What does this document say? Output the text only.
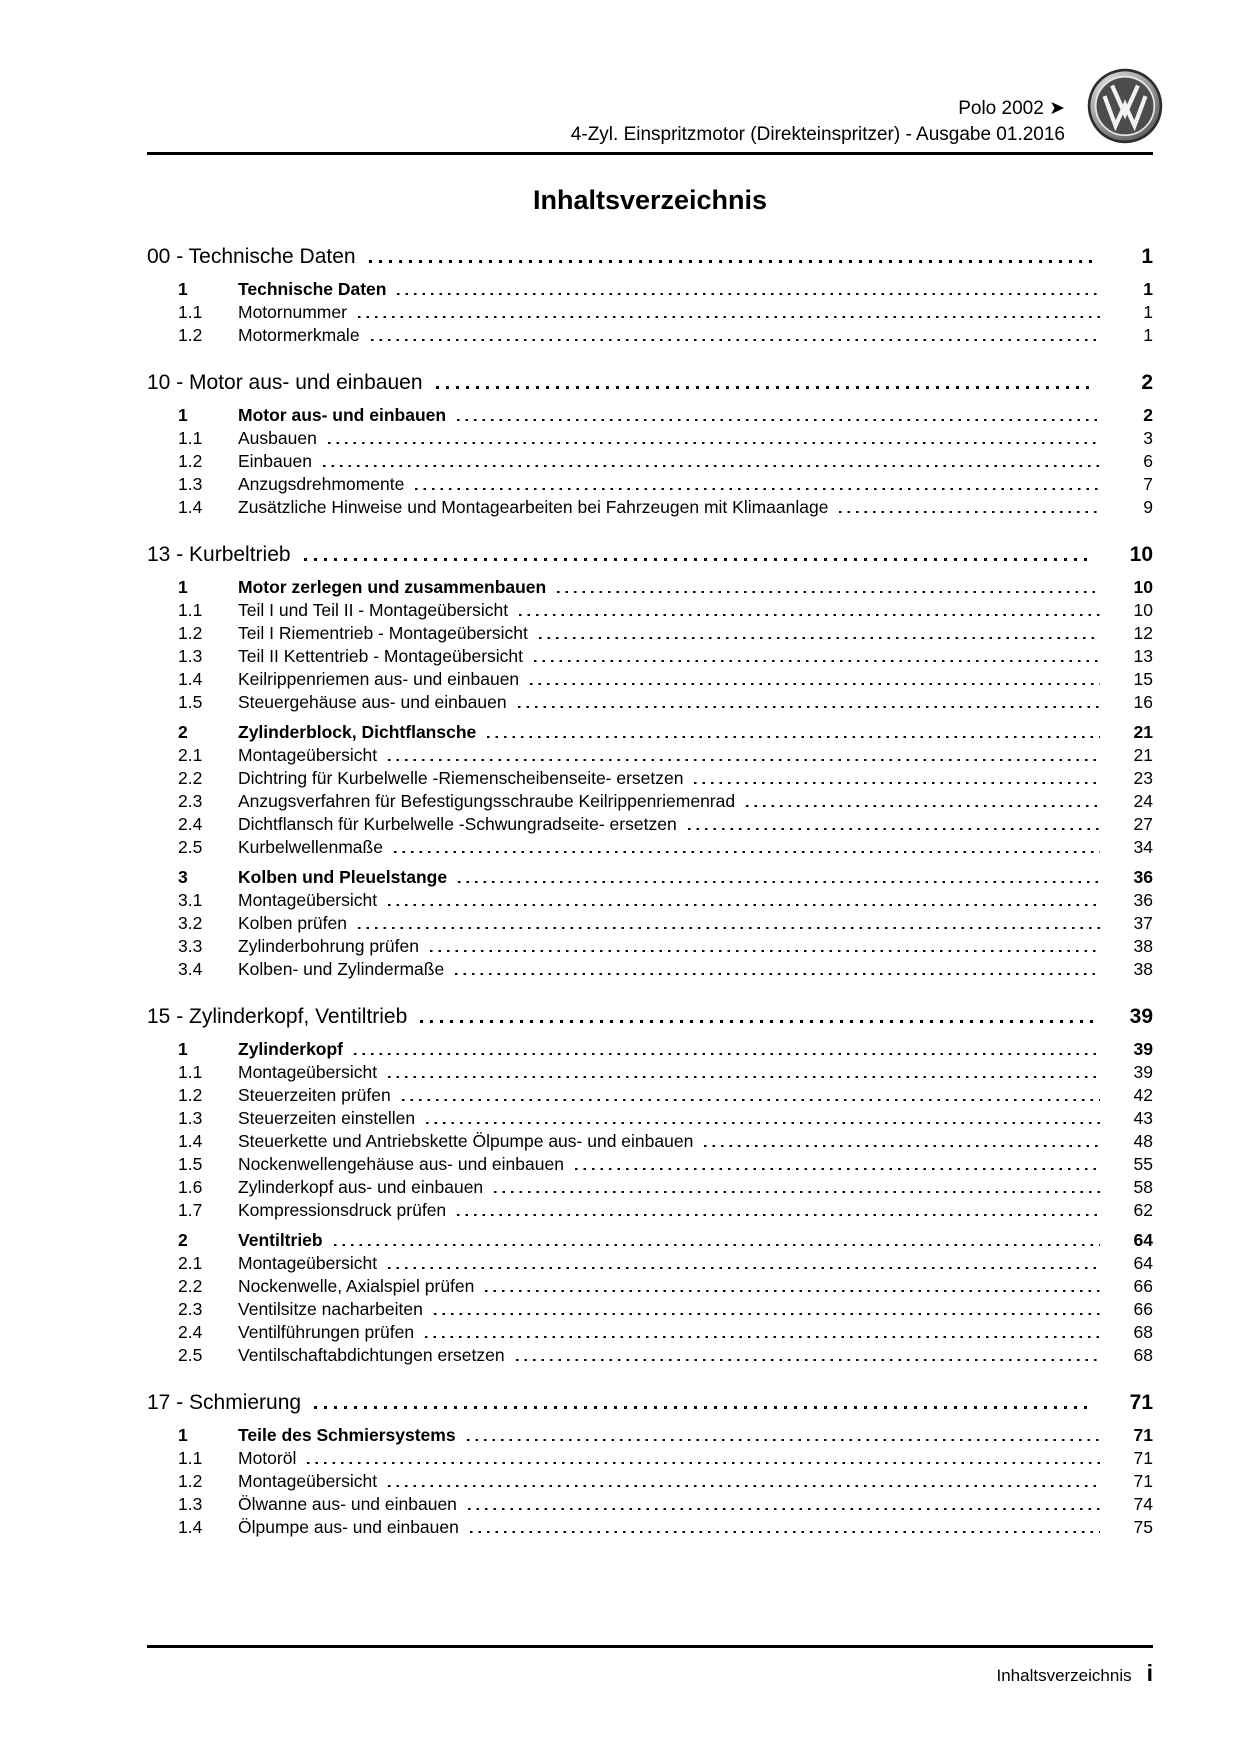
Polo 2002 ➤
4-Zyl. Einspritzmotor (Direkteinspritzer) - Ausgabe 01.2016
Inhaltsverzeichnis
00 - Technische Daten	1
1	Technische Daten	1
1.1	Motornummer	1
1.2	Motormerkmale	1
10 - Motor aus- und einbauen	2
1	Motor aus- und einbauen	2
1.1	Ausbauen	3
1.2	Einbauen	6
1.3	Anzugsdrehmomente	7
1.4	Zusätzliche Hinweise und Montagearbeiten bei Fahrzeugen mit Klimaanlage	9
13 - Kurbeltrieb	10
1	Motor zerlegen und zusammenbauen	10
1.1	Teil I und Teil II - Montageübersicht	10
1.2	Teil I Riementrieb - Montageübersicht	12
1.3	Teil II Kettentrieb - Montageübersicht	13
1.4	Keilrippenriemen aus- und einbauen	15
1.5	Steuergehäuse aus- und einbauen	16
2	Zylinderblock, Dichtflansche	21
2.1	Montageübersicht	21
2.2	Dichtring für Kurbelwelle -Riemenscheibenseite- ersetzen	23
2.3	Anzugsverfahren für Befestigungsschraube Keilrippenriemenrad	24
2.4	Dichtflansch für Kurbelwelle -Schwungradseite- ersetzen	27
2.5	Kurbelwellenmaße	34
3	Kolben und Pleuelstange	36
3.1	Montageübersicht	36
3.2	Kolben prüfen	37
3.3	Zylinderbohrung prüfen	38
3.4	Kolben- und Zylindermaße	38
15 - Zylinderkopf, Ventiltrieb	39
1	Zylinderkopf	39
1.1	Montageübersicht	39
1.2	Steuerzeiten prüfen	42
1.3	Steuerzeiten einstellen	43
1.4	Steuerkette und Antriebskette Ölpumpe aus- und einbauen	48
1.5	Nockenwellengehäuse aus- und einbauen	55
1.6	Zylinderkopf aus- und einbauen	58
1.7	Kompressionsdruck prüfen	62
2	Ventiltrieb	64
2.1	Montageübersicht	64
2.2	Nockenwelle, Axialspiel prüfen	66
2.3	Ventilsitze nacharbeiten	66
2.4	Ventilführungen prüfen	68
2.5	Ventilschaftabdichtungen ersetzen	68
17 - Schmierung	71
1	Teile des Schmiersystems	71
1.1	Motoröl	71
1.2	Montageübersicht	71
1.3	Ölwanne aus- und einbauen	74
1.4	Ölpumpe aus- und einbauen	75
Inhaltsverzeichnis i
